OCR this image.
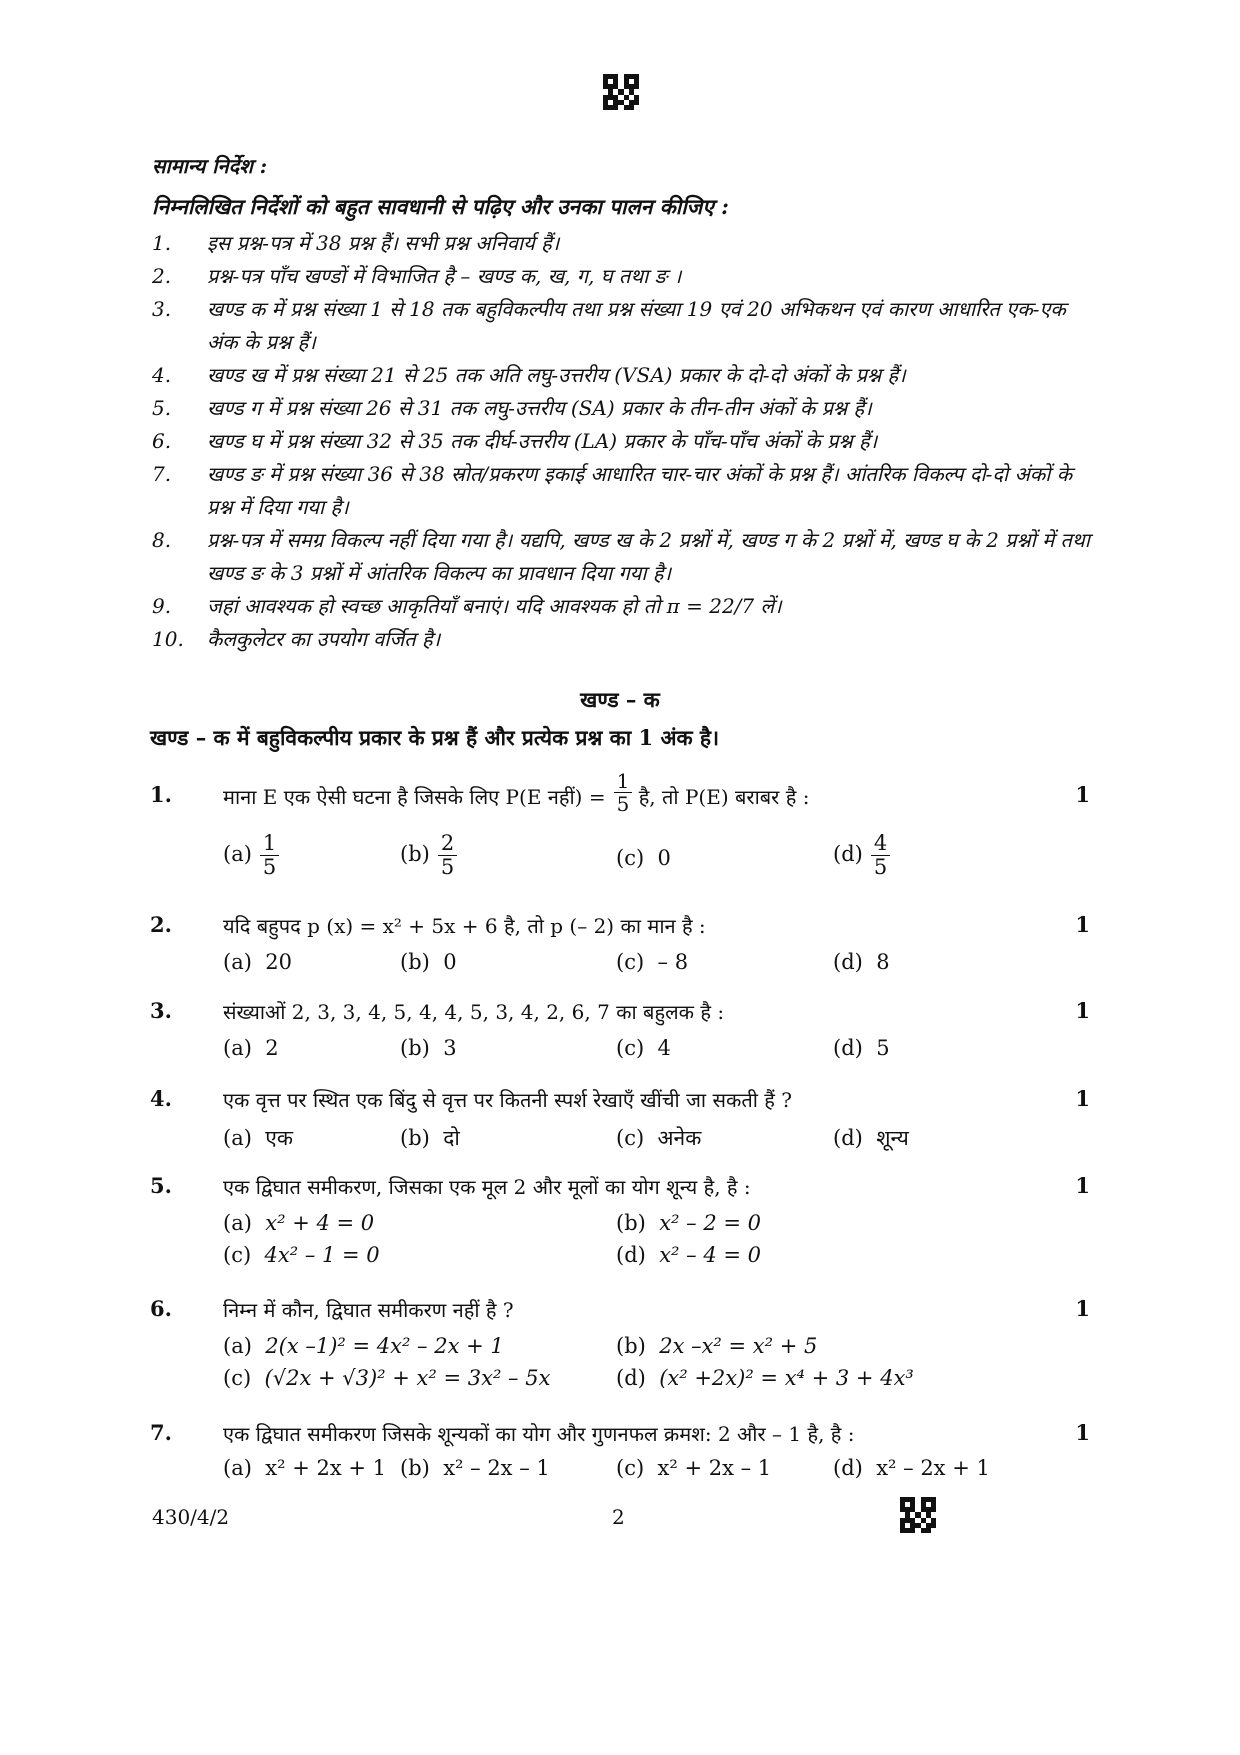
सामान्य निर्देश :
निम्नलिखित निर्देशों को बहुत सावधानी से पढ़िए और उनका पालन कीजिए :
1.	इस प्रश्न-पत्र में 38 प्रश्न हैं। सभी प्रश्न अनिवार्य हैं।
2.	प्रश्न-पत्र पाँच खण्डों में विभाजित है – खण्ड क, ख, ग, घ तथा ङ ।
3.	खण्ड क में प्रश्न संख्या 1 से 18 तक बहुविकल्पीय तथा प्रश्न संख्या 19 एवं 20 अभिकथन एवं कारण आधारित एक-एक अंक के प्रश्न हैं।
4.	खण्ड ख में प्रश्न संख्या 21 से 25 तक अति लघु-उत्तरीय (VSA) प्रकार के दो-दो अंकों के प्रश्न हैं।
5.	खण्ड ग में प्रश्न संख्या 26 से 31 तक लघु-उत्तरीय (SA) प्रकार के तीन-तीन अंकों के प्रश्न हैं।
6.	खण्ड घ में प्रश्न संख्या 32 से 35 तक दीर्घ-उत्तरीय (LA) प्रकार के पाँच-पाँच अंकों के प्रश्न हैं।
7.	खण्ड ङ में प्रश्न संख्या 36 से 38 स्रोत/प्रकरण इकाई आधारित चार-चार अंकों के प्रश्न हैं। आंतरिक विकल्प दो-दो अंकों के प्रश्न में दिया गया है।
8.	प्रश्न-पत्र में समग्र विकल्प नहीं दिया गया है। यद्यपि, खण्ड ख के 2 प्रश्नों में, खण्ड ग के 2 प्रश्नों में, खण्ड घ के 2 प्रश्नों में तथा खण्ड ङ के 3 प्रश्नों में आंतरिक विकल्प का प्रावधान दिया गया है।
9.	जहां आवश्यक हो स्वच्छ आकृतियाँ बनाएं। यदि आवश्यक हो तो π = 22/7 लें।
10.	कैलकुलेटर का उपयोग वर्जित है।
खण्ड – क
खण्ड – क में बहुविकल्पीय प्रकार के प्रश्न हैं और प्रत्येक प्रश्न का 1 अंक है।
1.	माना E एक ऐसी घटना है जिसके लिए P(E नहीं) = $\frac{1}{5}$ है, तो P(E) बराबर है :	1
$(a) \frac{1}{5}$	$(b) \frac{2}{5}$	(c) 0	$(d) \frac{4}{5}$
2.	यदि बहुपद p (x) = x² + 5x + 6 है, तो p (– 2) का मान है :	1
(a) 20	(b) 0	(c) – 8	(d) 8
3.	संख्याओं 2, 3, 3, 4, 5, 4, 4, 5, 3, 4, 2, 6, 7 का बहुलक है :	1
(a) 2	(b) 3	(c) 4	(d) 5
4.	एक वृत्त पर स्थित एक बिंदु से वृत्त पर कितनी स्पर्श रेखाएँ खींची जा सकती हैं ?	1
(a) एक	(b) दो	(c) अनेक	(d) शून्य
5.	एक द्विघात समीकरण, जिसका एक मूल 2 और मूलों का योग शून्य है, है :	1
(a) x² + 4 = 0	(b) x² – 2 = 0
(c) 4x² – 1 = 0	(d) x² – 4 = 0
6.	निम्न में कौन, द्विघात समीकरण नहीं है ?	1
(a) 2(x –1)² = 4x² – 2x + 1	(b) 2x –x² = x² + 5
(c) (√2x + √3)² + x² = 3x² – 5x	(d) (x² +2x)² = x⁴ + 3 + 4x³
7.	एक द्विघात समीकरण जिसके शून्यकों का योग और गुणनफल क्रमश: 2 और – 1 है, है :	1
(a) x² + 2x + 1 (b) x² – 2x – 1	(c) x² + 2x – 1	(d) x² – 2x + 1
430/4/2	2
